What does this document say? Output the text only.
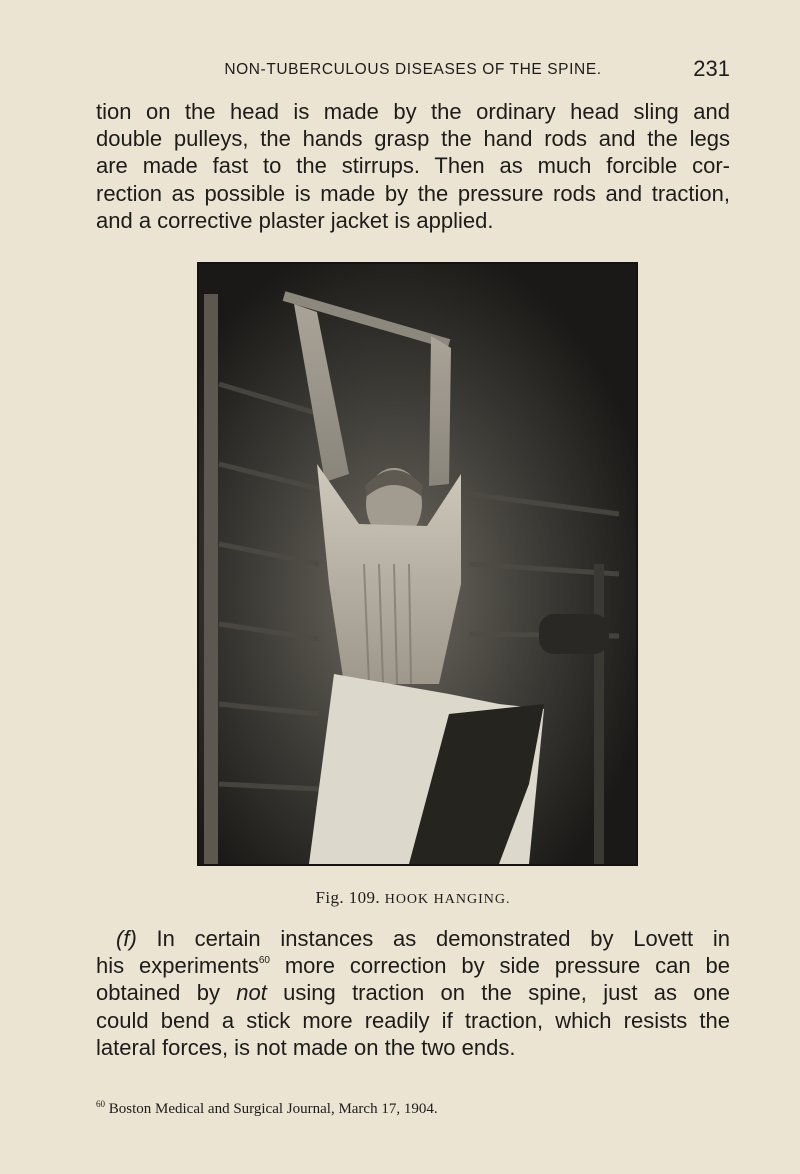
NON-TUBERCULOUS DISEASES OF THE SPINE.	231

tion on the head is made by the ordinary head sling and
double pulleys, the hands grasp the hand rods and the legs
are made fast to the stirrups. Then as much forcible cor-
rection as possible is made by the pressure rods and traction,
and a corrective plaster jacket is applied.

Fig. 109. HOOK HANGING.

(f) In certain instances as demonstrated by Lovett in
his experiments$^{60}$ more correction by side pressure can be
obtained by not using traction on the spine, just as one
could bend a stick more readily if traction, which resists the
lateral forces, is not made on the two ends.

$^{60}$ Boston Medical and Surgical Journal, March 17, 1904.
